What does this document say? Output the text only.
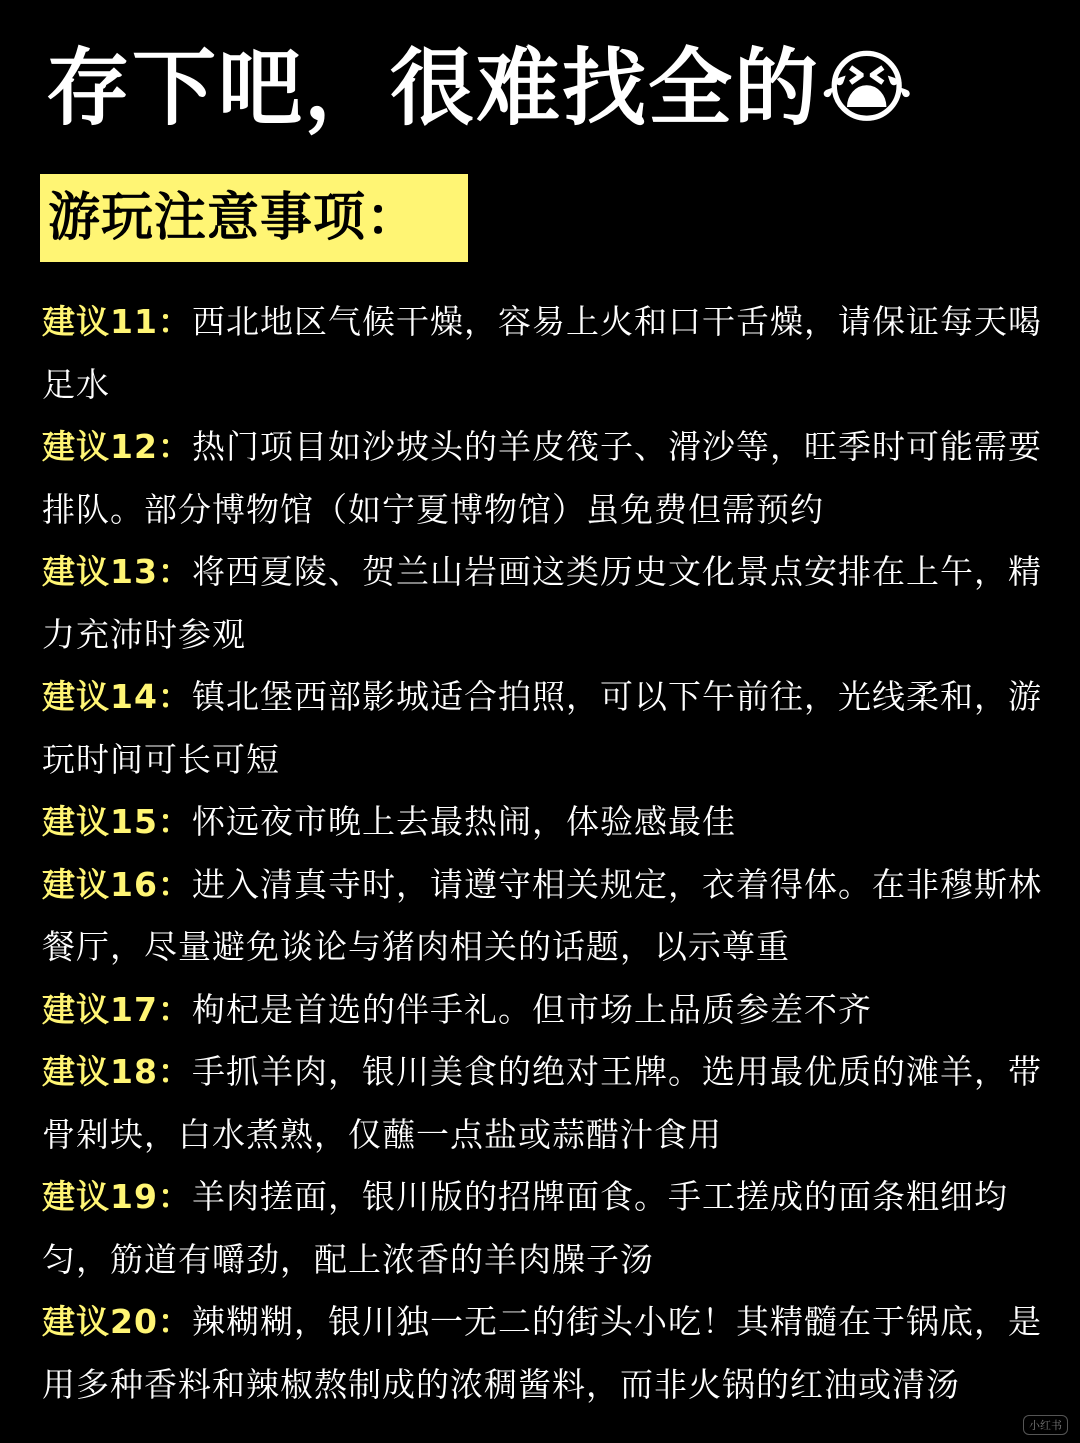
存下吧，很难找全的😭
游玩注意事项：
建议11：西北地区气候干燥，容易上火和口干舌燥，请保证每天喝足水
建议12：热门项目如沙坡头的羊皮筏子、滑沙等，旺季时可能需要排队。部分博物馆（如宁夏博物馆）虽免费但需预约
建议13：将西夏陵、贺兰山岩画这类历史文化景点安排在上午，精力充沛时参观
建议14：镇北堡西部影城适合拍照，可以下午前往，光线柔和，游玩时间可长可短
建议15：怀远夜市晚上去最热闹，体验感最佳
建议16：进入清真寺时，请遵守相关规定，衣着得体。在非穆斯林餐厅，尽量避免谈论与猪肉相关的话题，以示尊重
建议17：枸杞是首选的伴手礼。但市场上品质参差不齐
建议18：手抓羊肉，银川美食的绝对王牌。选用最优质的滩羊，带骨剁块，白水煮熟，仅蘸一点盐或蒜醋汁食用
建议19：羊肉搓面，银川版的招牌面食。手工搓成的面条粗细均匀，筋道有嚼劲，配上浓香的羊肉臊子汤
建议20：辣糊糊，银川独一无二的街头小吃！其精髓在于锅底，是用多种香料和辣椒熬制成的浓稠酱料，而非火锅的红油或清汤
小红书
